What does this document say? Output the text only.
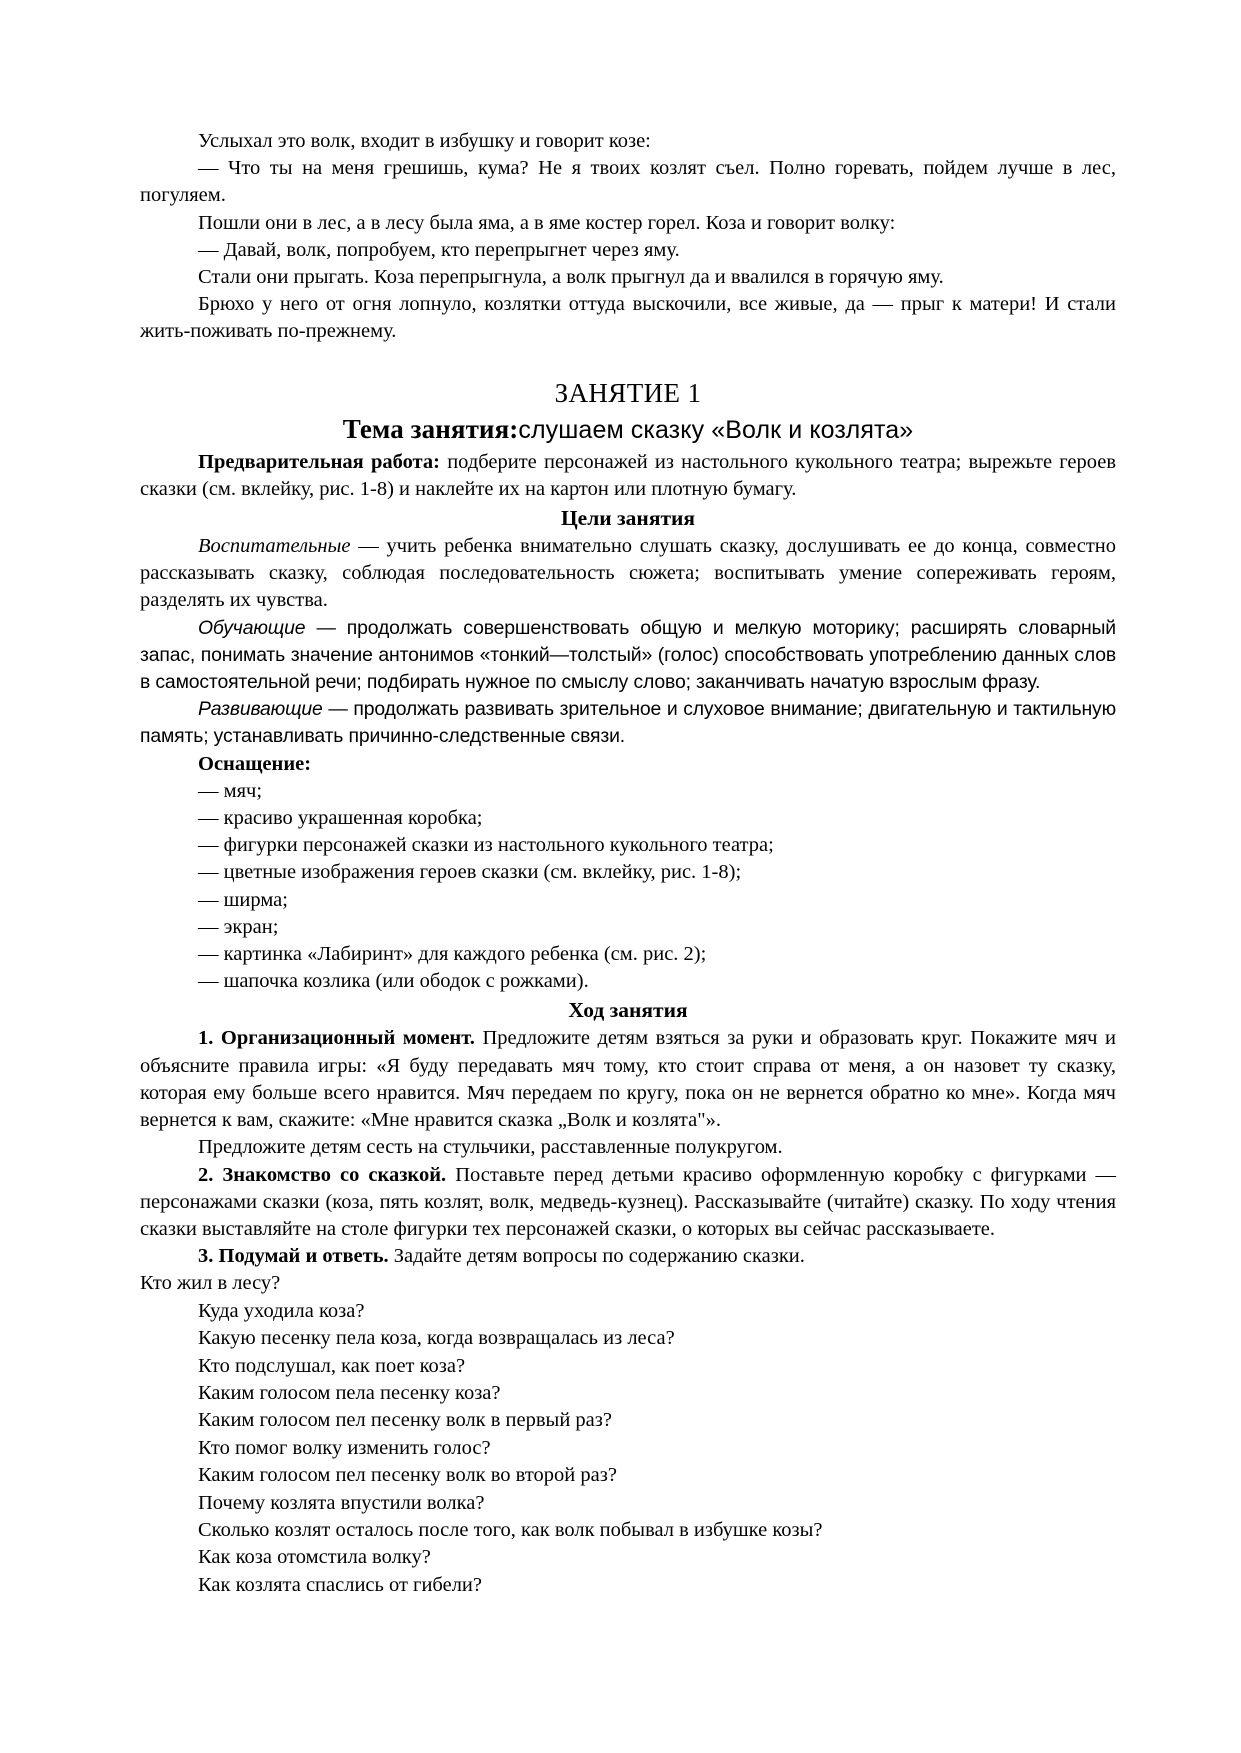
Услыхал это волк, входит в избушку и говорит козе:

— Что ты на меня грешишь, кума? Не я твоих козлят съел. Полно горевать, пойдем лучше в лес, погуляем.

Пошли они в лес, а в лесу была яма, а в яме костер горел. Коза и говорит волку:

— Давай, волк, попробуем, кто перепрыгнет через яму.

Стали они прыгать. Коза перепрыгнула, а волк прыгнул да и ввалился в горячую яму.

Брюхо у него от огня лопнуло, козлятки оттуда выскочили, все живые, да — прыг к матери! И стали жить-поживать по-прежнему.

ЗАНЯТИЕ 1
Тема занятия:слушаем сказку «Волк и козлята»

Предварительная работа: подберите персонажей из настольного кукольного театра; вырежьте героев сказки (см. вклейку, рис. 1-8) и наклейте их на картон или плотную бумагу.

Цели занятия

Воспитательные — учить ребенка внимательно слушать сказку, дослушивать ее до конца, совместно рассказывать сказку, соблюдая последовательность сюжета; воспитывать умение сопереживать героям, разделять их чувства.

Обучающие — продолжать совершенствовать общую и мелкую моторику; расширять словарный запас, понимать значение антонимов «тонкий—толстый» (голос) способствовать употреблению данных слов в самостоятельной речи; подбирать нужное по смыслу слово; заканчивать начатую взрослым фразу.

Развивающие — продолжать развивать зрительное и слуховое внимание; двигательную и тактильную память; устанавливать причинно-следственные связи.

Оснащение:

— мяч;
— красиво украшенная коробка;
— фигурки персонажей сказки из настольного кукольного театра;
— цветные изображения героев сказки (см. вклейку, рис. 1-8);
— ширма;
— экран;
— картинка «Лабиринт» для каждого ребенка (см. рис. 2);
— шапочка козлика (или ободок с рожками).
Ход занятия

1. Организационный момент. Предложите детям взяться за руки и образовать круг. Покажите мяч и объясните правила игры: «Я буду передавать мяч тому, кто стоит справа от меня, а он назовет ту сказку, которая ему больше всего нравится. Мяч передаем по кругу, пока он не вернется обратно ко мне». Когда мяч вернется к вам, скажите: «Мне нравится сказка „Волк и козлята"».

Предложите детям сесть на стульчики, расставленные полукругом.

2. Знакомство со сказкой. Поставьте перед детьми красиво оформленную коробку с фигурками — персонажами сказки (коза, пять козлят, волк, медведь-кузнец). Рассказывайте (читайте) сказку. По ходу чтения сказки выставляйте на столе фигурки тех персонажей сказки, о которых вы сейчас рассказываете.

3. Подумай и ответь. Задайте детям вопросы по содержанию сказки.

Кто жил в лесу?
Куда уходила коза?
Какую песенку пела коза, когда возвращалась из леса?
Кто подслушал, как поет коза?
Каким голосом пела песенку коза?
Каким голосом пел песенку волк в первый раз?
Кто помог волку изменить голос?
Каким голосом пел песенку волк во второй раз?
Почему козлята впустили волка?
Сколько козлят осталось после того, как волк побывал в избушке козы?
Как коза отомстила волку?
Как козлята спаслись от гибели?
